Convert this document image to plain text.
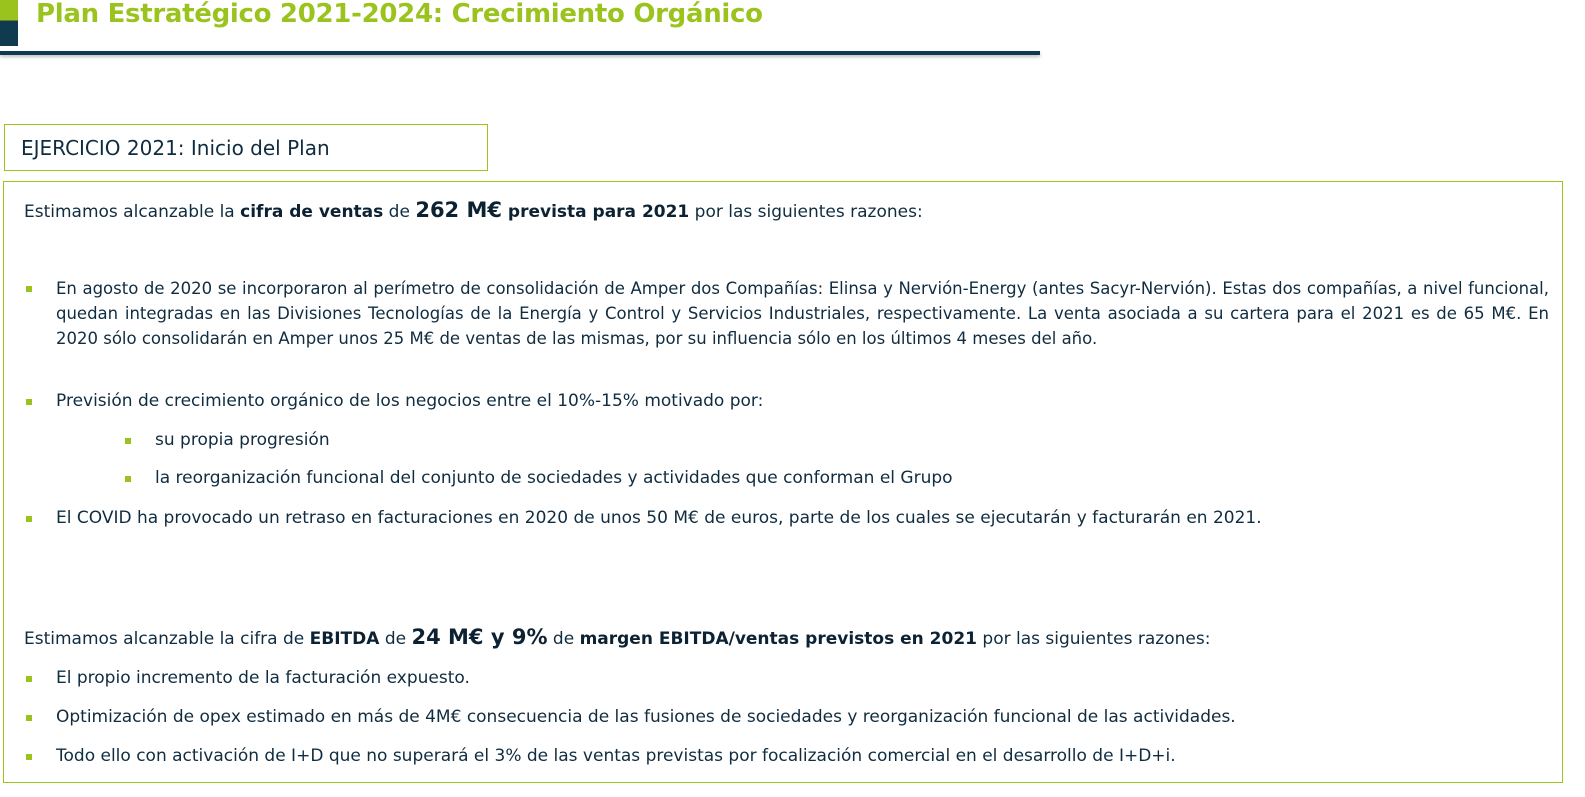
Plan Estratégico 2021-2024: Crecimiento Orgánico
EJERCICIO 2021: Inicio del Plan

Estimamos alcanzable la cifra de ventas de 262 M€ prevista para 2021 por las siguientes razones:

En agosto de 2020 se incorporaron al perímetro de consolidación de Amper dos Compañías: Elinsa y Nervión-Energy (antes Sacyr-Nervión). Estas dos compañías, a nivel funcional, quedan integradas en las Divisiones Tecnologías de la Energía y Control y Servicios Industriales, respectivamente. La venta asociada a su cartera para el 2021 es de 65 M€. En 2020 sólo consolidarán en Amper unos 25 M€ de ventas de las mismas, por su influencia sólo en los últimos 4 meses del año.
Previsión de crecimiento orgánico de los negocios entre el 10%-15% motivado por:
su propia progresión
la reorganización funcional del conjunto de sociedades y actividades que conforman el Grupo
El COVID ha provocado un retraso en facturaciones en 2020 de unos 50 M€ de euros, parte de los cuales se ejecutarán y facturarán en 2021.

Estimamos alcanzable la cifra de EBITDA de 24 M€ y 9% de margen EBITDA/ventas previstos en 2021 por las siguientes razones:

El propio incremento de la facturación expuesto.
Optimización de opex estimado en más de 4M€ consecuencia de las fusiones de sociedades y reorganización funcional de las actividades.
Todo ello con activación de I+D que no superará el 3% de las ventas previstas por focalización comercial en el desarrollo de I+D+i.
